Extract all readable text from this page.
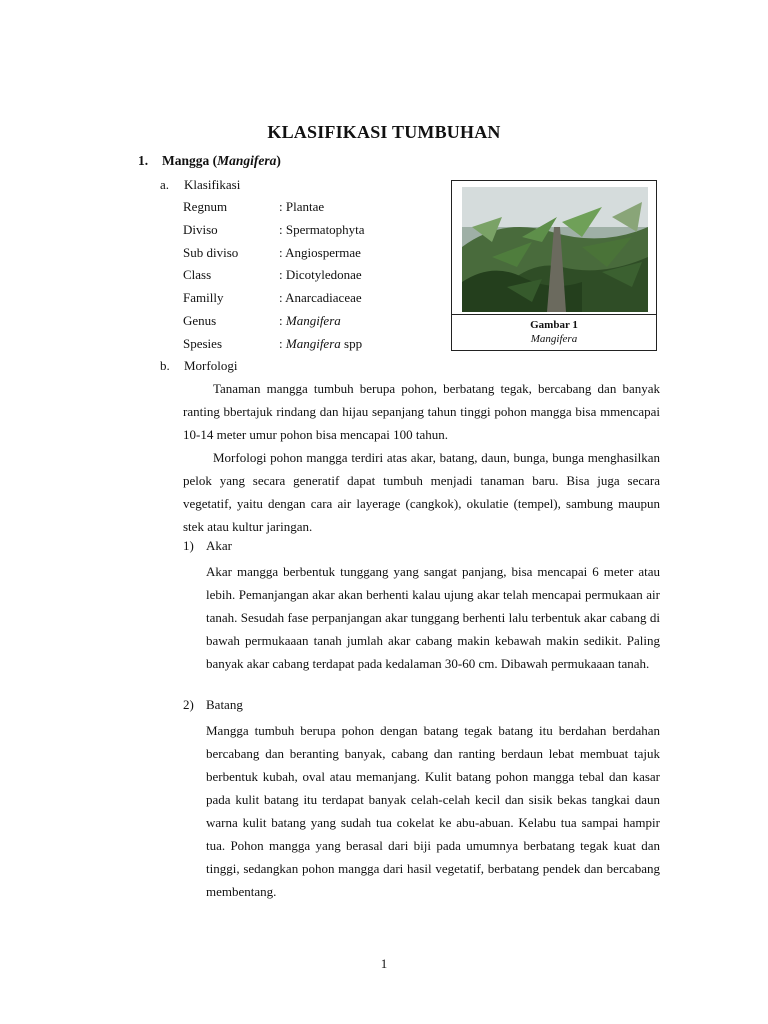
KLASIFIKASI TUMBUHAN
1. Mangga (Mangifera)
a. Klasifikasi
Regnum	: Plantae
Diviso	: Spermatophyta
Sub diviso	: Angiospermae
Class	: Dicotyledonae
Familly	: Anarcadiaceae
Genus	: Mangifera
Spesies	: Mangifera spp
Gambar 1
Mangifera
b. Morfologi
Tanaman mangga tumbuh berupa pohon, berbatang tegak, bercabang dan banyak ranting bbertajuk rindang dan hijau sepanjang tahun tinggi pohon mangga bisa mmencapai 10-14 meter umur pohon bisa mencapai 100 tahun.
Morfologi pohon mangga terdiri atas akar, batang, daun, bunga, bunga menghasilkan pelok yang secara generatif dapat tumbuh menjadi tanaman baru. Bisa juga secara vegetatif, yaitu dengan cara air layerage (cangkok), okulatie (tempel), sambung maupun stek atau kultur jaringan.
1) Akar
Akar mangga berbentuk tunggang yang sangat panjang, bisa mencapai 6 meter atau lebih. Pemanjangan akar akan berhenti kalau ujung akar telah mencapai permukaan air tanah. Sesudah fase perpanjangan akar tunggang berhenti lalu terbentuk akar cabang di bawah permukaaan tanah jumlah akar cabang makin kebawah makin sedikit. Paling banyak akar cabang terdapat pada kedalaman 30-60 cm. Dibawah permukaaan tanah.
2) Batang
Mangga tumbuh berupa pohon dengan batang tegak batang itu berdahan berdahan bercabang dan beranting banyak, cabang dan ranting berdaun lebat membuat tajuk berbentuk kubah, oval atau memanjang. Kulit batang pohon mangga tebal dan kasar pada kulit batang itu terdapat banyak celah-celah kecil dan sisik bekas tangkai daun warna kulit batang yang sudah tua cokelat ke abu-abuan. Kelabu tua sampai hampir tua. Pohon mangga yang berasal dari biji pada umumnya berbatang tegak kuat dan tinggi, sedangkan pohon mangga dari hasil vegetatif, berbatang pendek dan bercabang membentang.
1
